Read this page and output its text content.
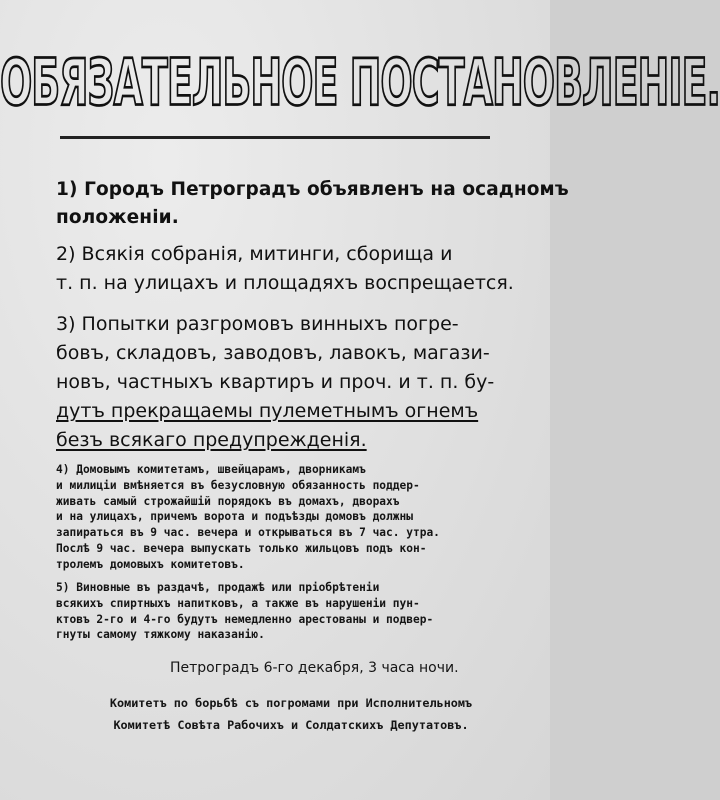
ОБЯЗАТЕЛЬНОЕ ПОСТАНОВЛЕНІЕ.
1) Городъ Петроградъ объявленъ на осадномъ
положеніи.
2) Всякія собранія, митинги, сборища и
т. п. на улицахъ и площадяхъ воспрещается.
3) Попытки разгромовъ винныхъ погре-
бовъ, складовъ, заводовъ, лавокъ, магази-
новъ, частныхъ квартиръ и проч. и т. п. бу-
дутъ прекращаемы пулеметнымъ огнемъ
безъ всякаго предупрежденія.
4) Домовымъ комитетамъ, швейцарамъ, дворникамъ
и милиціи вмѣняется въ безусловную обязанность поддер-
живать самый строжайшій порядокъ въ домахъ, дворахъ
и на улицахъ, причемъ ворота и подъѣзды домовъ должны
запираться въ 9 час. вечера и открываться въ 7 час. утра.
Послѣ 9 час. вечера выпускать только жильцовъ подъ кон-
тролемъ домовыхъ комитетовъ.
5) Виновные въ раздачѣ, продажѣ или пріобрѣтеніи
всякихъ спиртныхъ напитковъ, а также въ нарушеніи пун-
ктовъ 2-го и 4-го будутъ немедленно арестованы и подвер-
гнуты самому тяжкому наказанію.
Петроградъ 6-го декабря, 3 часа ночи.
Комитетъ по борьбѣ съ погромами при Исполнительномъ
Комитетѣ Совѣта Рабочихъ и Солдатскихъ Депутатовъ.
